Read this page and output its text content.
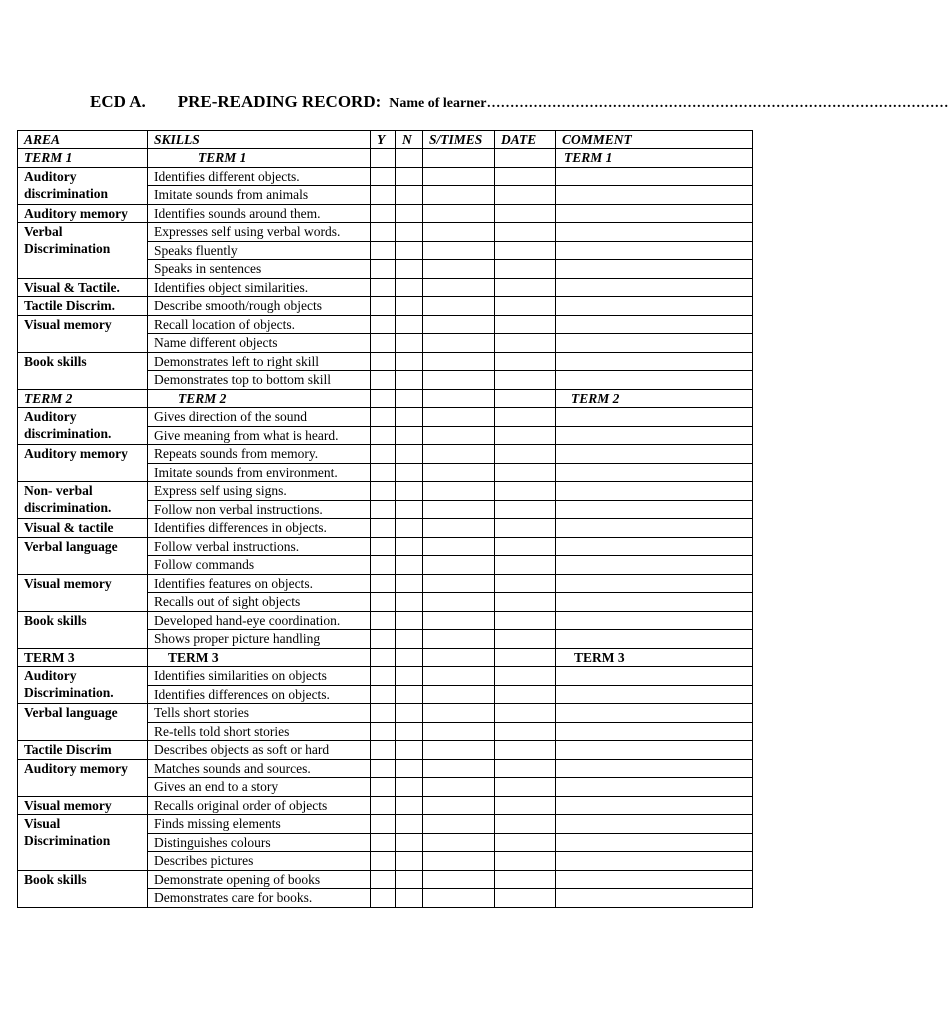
ECD A. PRE-READING RECORD: Name of learner………………………………………………………………………………………
AREA	SKILLS	Y	N	S/TIMES	DATE	COMMENT
TERM 1	TERM 1					TERM 1
Auditory discrimination	Identifies different objects.					
	Imitate sounds from animals					
Auditory memory	Identifies sounds around them.					
Verbal Discrimination	Expresses self using verbal words.					
	Speaks fluently					
	Speaks in sentences					
Visual & Tactile.	Identifies object similarities.					
Tactile Discrim.	Describe smooth/rough objects					
Visual memory	Recall location of objects.					
	Name different objects					
Book skills	Demonstrates left to right skill					
	Demonstrates top to bottom skill					
TERM 2	TERM 2					TERM 2
Auditory discrimination.	Gives direction of the sound					
	Give meaning from what is heard.					
Auditory memory	Repeats sounds from memory.					
	Imitate sounds from environment.					
Non- verbal discrimination.	Express self using signs.					
	Follow non verbal instructions.					
Visual & tactile	Identifies differences in objects.					
Verbal language	Follow verbal instructions.					
	Follow commands					
Visual memory	Identifies features on objects.					
	Recalls out of sight objects					
Book skills	Developed hand-eye coordination.					
	Shows proper picture handling					
TERM 3	TERM 3					TERM 3
Auditory Discrimination.	Identifies similarities on objects					
	Identifies differences on objects.					
Verbal language	Tells short stories					
	Re-tells told short stories					
Tactile Discrim	Describes objects as soft or hard					
Auditory memory	Matches sounds and sources.					
	Gives an end to a story					
Visual memory	Recalls original order of objects					
Visual Discrimination	Finds missing elements					
	Distinguishes colours					
	Describes pictures					
Book skills	Demonstrate opening of books					
	Demonstrates care for books.					
